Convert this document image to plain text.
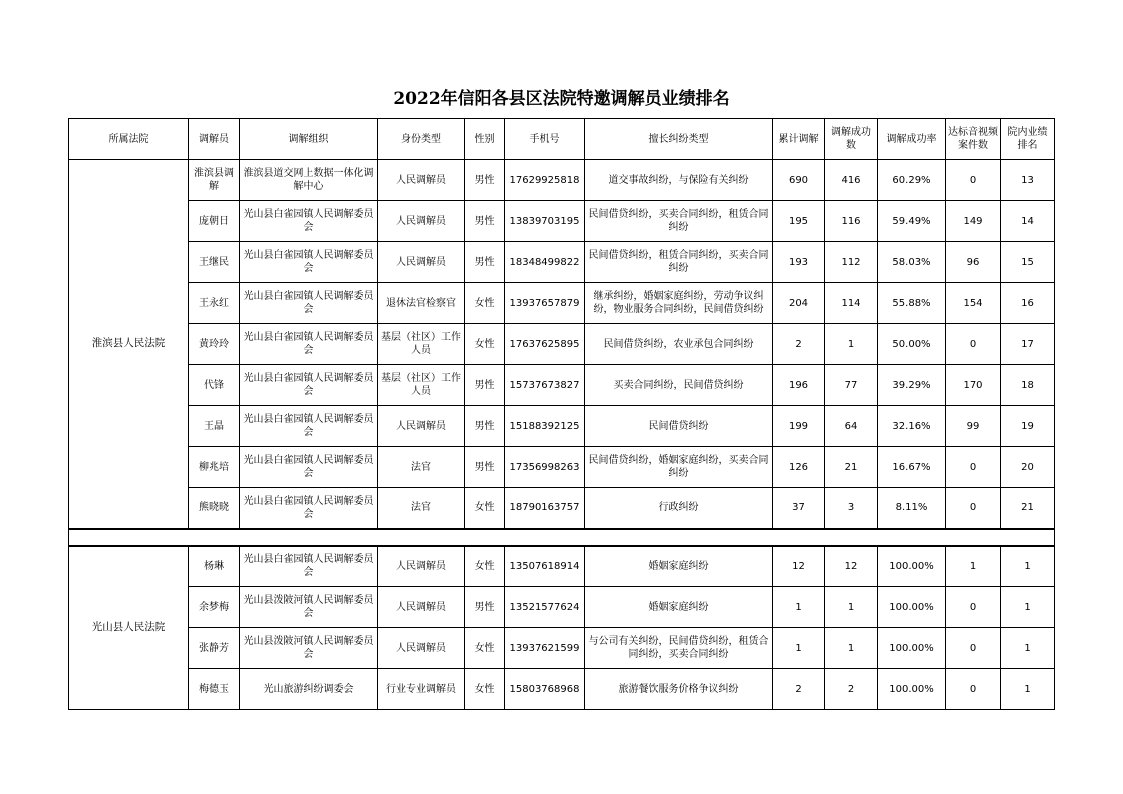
2022年信阳各县区法院特邀调解员业绩排名
所属法院	调解员	调解组织	身份类型	性别	手机号	擅长纠纷类型	累计调解	调解成功数	调解成功率	达标音视频案件数	院内业绩排名
淮滨县人民法院	淮滨县调解	淮滨县道交网上数据一体化调解中心	人民调解员	男性	17629925818	道交事故纠纷，与保险有关纠纷	690	416	60.29%	0	13
	庞朝日	光山县白雀园镇人民调解委员会	人民调解员	男性	13839703195	民间借贷纠纷，买卖合同纠纷，租赁合同纠纷	195	116	59.49%	149	14
	王继民	光山县白雀园镇人民调解委员会	人民调解员	男性	18348499822	民间借贷纠纷，租赁合同纠纷，买卖合同纠纷	193	112	58.03%	96	15
	王永红	光山县白雀园镇人民调解委员会	退休法官检察官	女性	13937657879	继承纠纷，婚姻家庭纠纷，劳动争议纠纷，物业服务合同纠纷，民间借贷纠纷	204	114	55.88%	154	16
	黄玲玲	光山县白雀园镇人民调解委员会	基层（社区）工作人员	女性	17637625895	民间借贷纠纷，农业承包合同纠纷	2	1	50.00%	0	17
	代锋	光山县白雀园镇人民调解委员会	基层（社区）工作人员	男性	15737673827	买卖合同纠纷，民间借贷纠纷	196	77	39.29%	170	18
	王晶	光山县白雀园镇人民调解委员会	人民调解员	男性	15188392125	民间借贷纠纷	199	64	32.16%	99	19
	柳兆培	光山县白雀园镇人民调解委员会	法官	男性	17356998263	民间借贷纠纷，婚姻家庭纠纷，买卖合同纠纷	126	21	16.67%	0	20
	熊晓晓	光山县白雀园镇人民调解委员会	法官	女性	18790163757	行政纠纷	37	3	8.11%	0	21

光山县人民法院	杨琳	光山县白雀园镇人民调解委员会	人民调解员	女性	13507618914	婚姻家庭纠纷	12	12	100.00%	1	1
	余梦梅	光山县泼陂河镇人民调解委员会	人民调解员	男性	13521577624	婚姻家庭纠纷	1	1	100.00%	0	1
	张静芳	光山县泼陂河镇人民调解委员会	人民调解员	女性	13937621599	与公司有关纠纷，民间借贷纠纷，租赁合同纠纷，买卖合同纠纷	1	1	100.00%	0	1
	梅德玉	光山旅游纠纷调委会	行业专业调解员	女性	15803768968	旅游餐饮服务价格争议纠纷	2	2	100.00%	0	1
